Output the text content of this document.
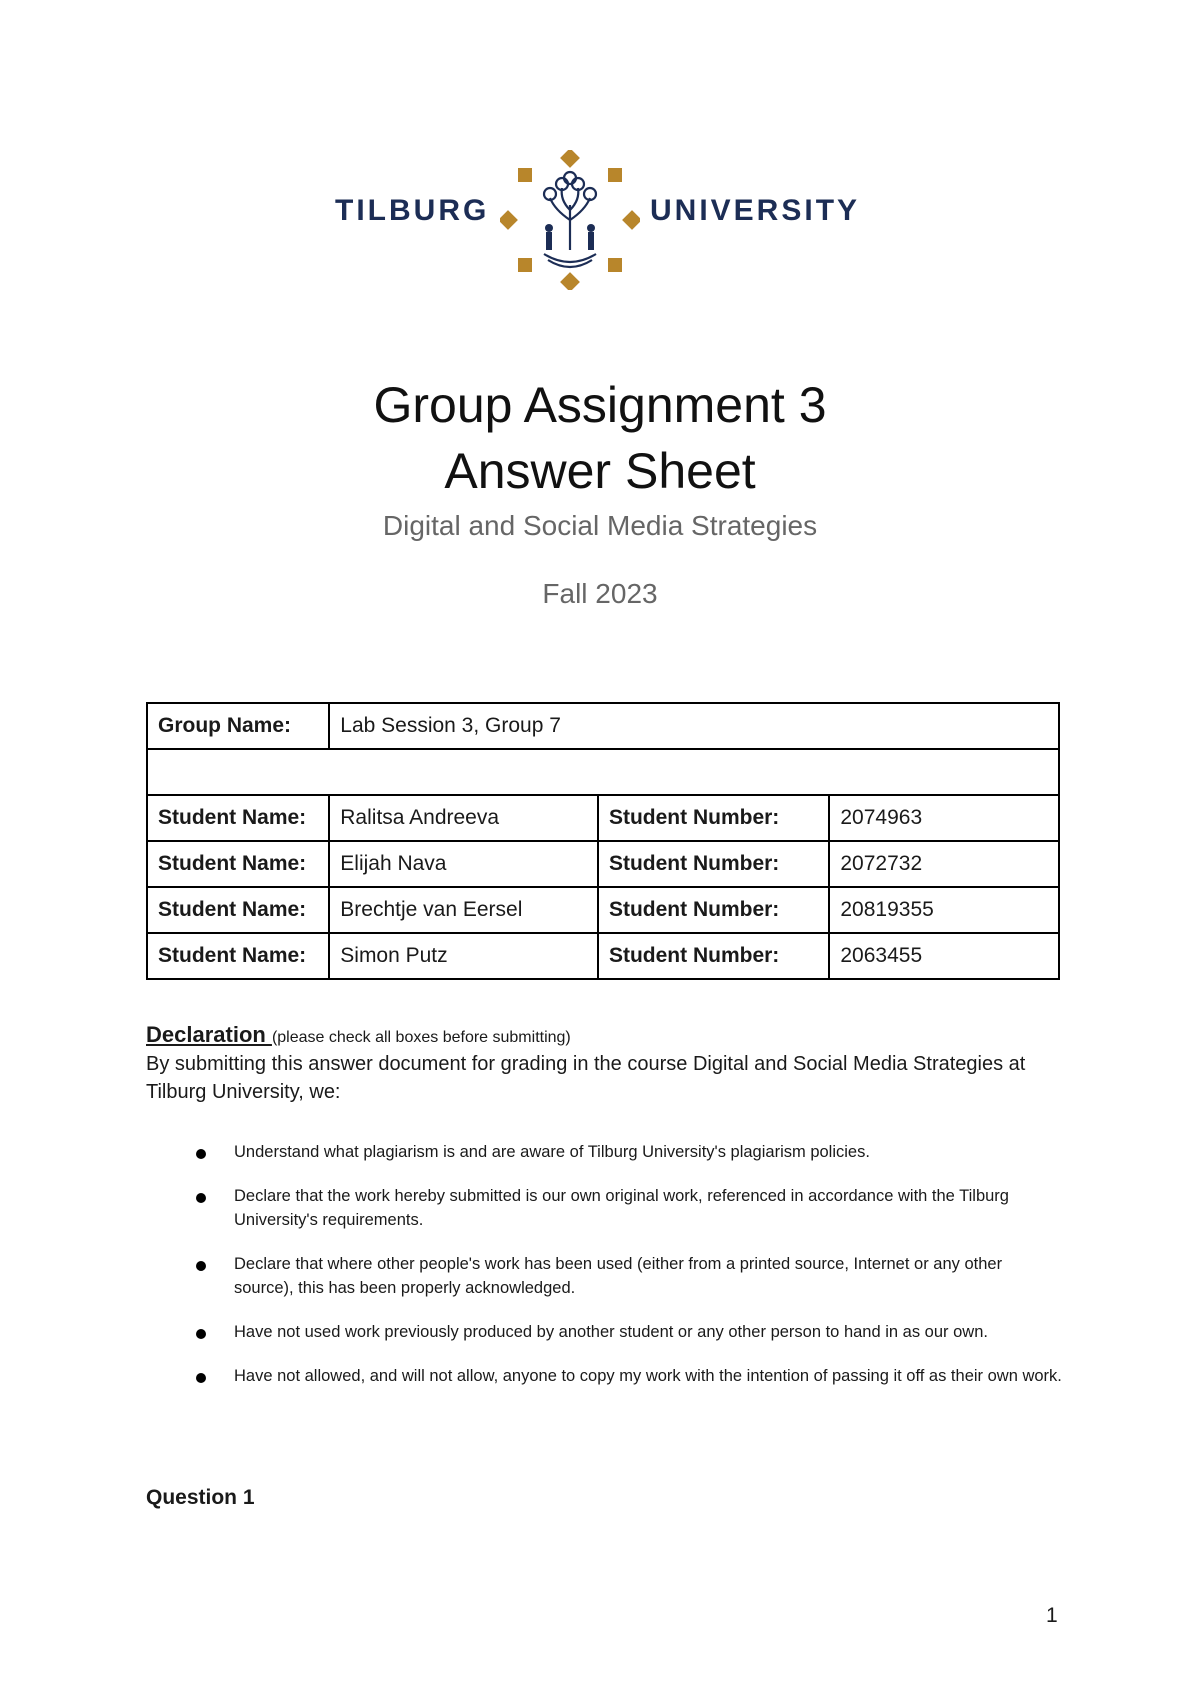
TILBURG	UNIVERSITY
Group Assignment 3
Answer Sheet
Digital and Social Media Strategies
Fall 2023
Group Name:	Lab Session 3, Group 7		

Student Name:	Ralitsa Andreeva	Student Number:	2074963
Student Name:	Elijah Nava	Student Number:	2072732
Student Name:	Brechtje van Eersel	Student Number:	20819355
Student Name:	Simon Putz	Student Number:	2063455
Declaration (please check all boxes before submitting)
By submitting this answer document for grading in the course Digital and Social Media Strategies at Tilburg University, we:
Understand what plagiarism is and are aware of Tilburg University's plagiarism policies.
Declare that the work hereby submitted is our own original work, referenced in accordance with the Tilburg University's requirements.
Declare that where other people's work has been used (either from a printed source, Internet or any other source), this has been properly acknowledged.
Have not used work previously produced by another student or any other person to hand in as our own.
Have not allowed, and will not allow, anyone to copy my work with the intention of passing it off as their own work.
Question 1
1
